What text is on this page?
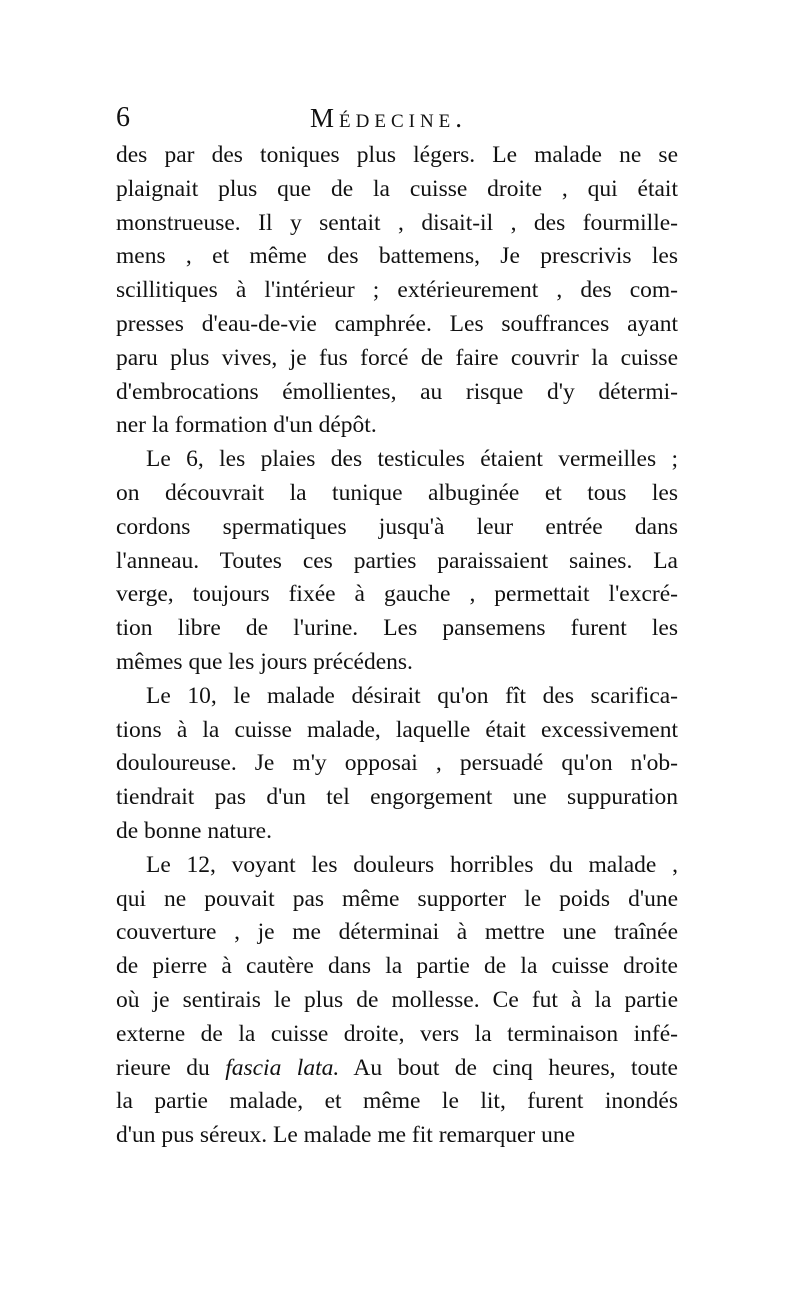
6	Médecine.
des par des toniques plus légers. Le malade ne se
plaignait plus que de la cuisse droite , qui était
monstrueuse. Il y sentait , disait-il , des fourmille-
mens , et même des battemens, Je prescrivis les
scillitiques à l'intérieur ; extérieurement , des com-
presses d'eau-de-vie camphrée. Les souffrances ayant
paru plus vives, je fus forcé de faire couvrir la cuisse
d'embrocations émollientes, au risque d'y détermi-
ner la formation d'un dépôt.
Le 6, les plaies des testicules étaient vermeilles ;
on découvrait la tunique albuginée et tous les
cordons spermatiques jusqu'à leur entrée dans
l'anneau. Toutes ces parties paraissaient saines. La
verge, toujours fixée à gauche , permettait l'excré-
tion libre de l'urine. Les pansemens furent les
mêmes que les jours précédens.
Le 10, le malade désirait qu'on fît des scarifica-
tions à la cuisse malade, laquelle était excessivement
douloureuse. Je m'y opposai , persuadé qu'on n'ob-
tiendrait pas d'un tel engorgement une suppuration
de bonne nature.
Le 12, voyant les douleurs horribles du malade ,
qui ne pouvait pas même supporter le poids d'une
couverture , je me déterminai à mettre une traînée
de pierre à cautère dans la partie de la cuisse droite
où je sentirais le plus de mollesse. Ce fut à la partie
externe de la cuisse droite, vers la terminaison infé-
rieure du fascia lata. Au bout de cinq heures, toute
la partie malade, et même le lit, furent inondés
d'un pus séreux. Le malade me fit remarquer une
